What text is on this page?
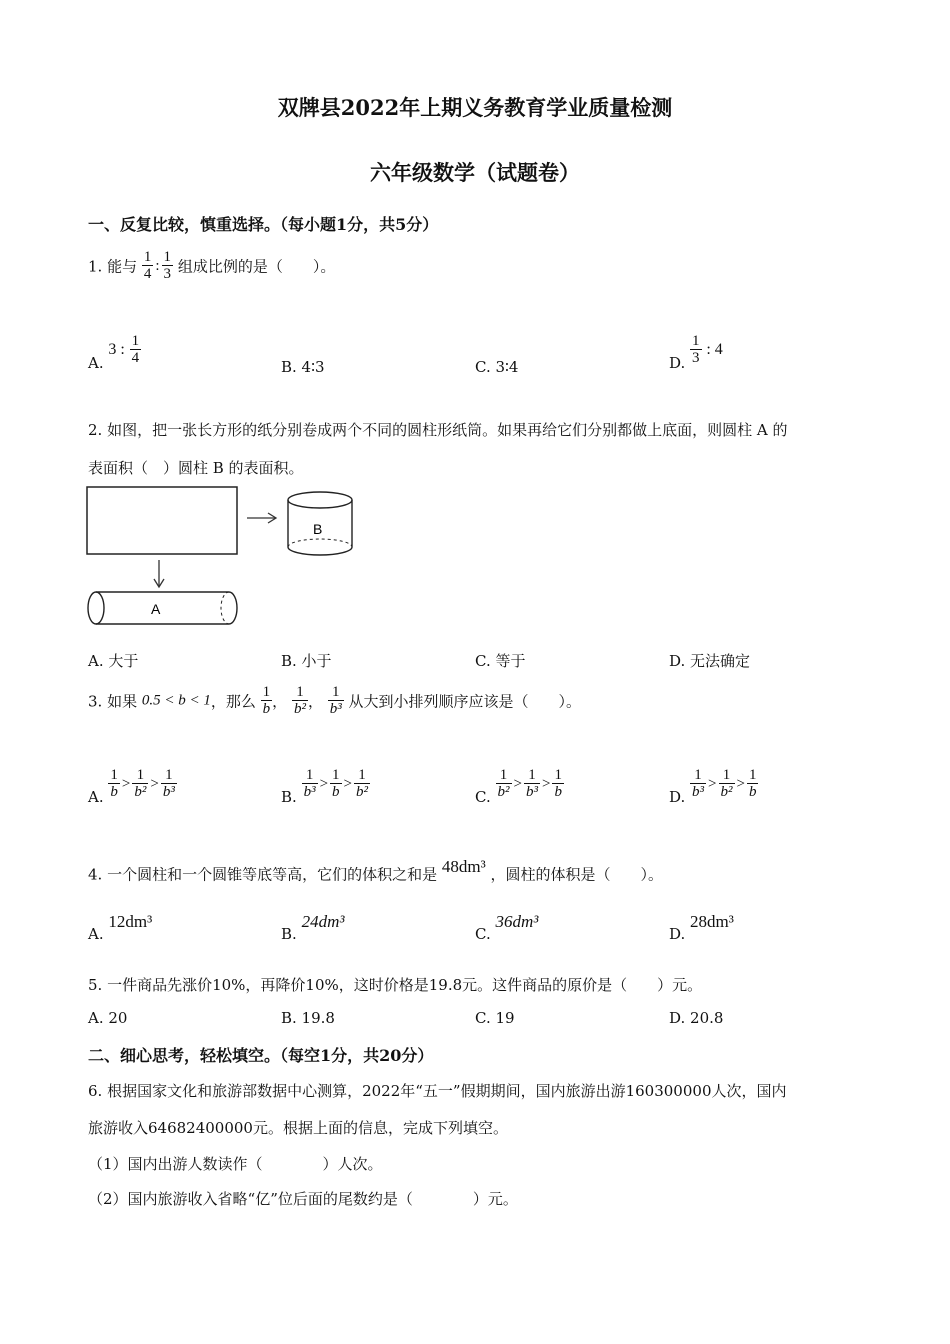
双牌县2022年上期义务教育学业质量检测
六年级数学（试题卷）
一、反复比较，慎重选择。（每小题1分，共5分）
1. 能与 $\frac{1}{4}$ : $\frac{1}{3}$ 组成比例的是（　　）。
A. 3 : $\frac{1}{4}$
B. 4∶3	C. 3∶4	D. $\frac{1}{3}$ : 4
2. 如图，把一张长方形的纸分别卷成两个不同的圆柱形纸筒。如果再给它们分别都做上底面，则圆柱 A 的
表面积（　）圆柱 B 的表面积。
B
A
A. 大于	B. 小于	C. 等于	D. 无法确定
3. 如果 0.5 < b < 1，那么 $\frac{1}{b}$ ， $\frac{1}{\text{b²}}$ ， $\frac{1}{\text{b³}}$ 从大到小排列顺序应该是（　　）。
A. $\frac{1}{b} > \frac{1}{\text{b²}} > \frac{1}{\text{b³}}$	B. $\frac{1}{\text{b³}} > \frac{1}{b} > \frac{1}{\text{b²}}$	C. $\frac{1}{\text{b²}} > \frac{1}{\text{b³}} > \frac{1}{b}$	D. $\frac{1}{\text{b³}} > \frac{1}{\text{b²}} > \frac{1}{b}$
4. 一个圆柱和一个圆锥等底等高，它们的体积之和是 48dm³ ，圆柱的体积是（　　）。
A. 12dm³
B. 24dm³
C. 36dm³
D. 28dm³
5. 一件商品先涨价10%，再降价10%，这时价格是19.8元。这件商品的原价是（　　）元。
A. 20	B. 19.8	C. 19	D. 20.8
二、细心思考，轻松填空。（每空1分，共20分）
6. 根据国家文化和旅游部数据中心测算，2022年“五一”假期期间，国内旅游出游160300000人次，国内
旅游收入64682400000元。根据上面的信息，完成下列填空。
（1）国内出游人数读作（　　　　）人次。
（2）国内旅游收入省略“亿”位后面的尾数约是（　　　　）元。
